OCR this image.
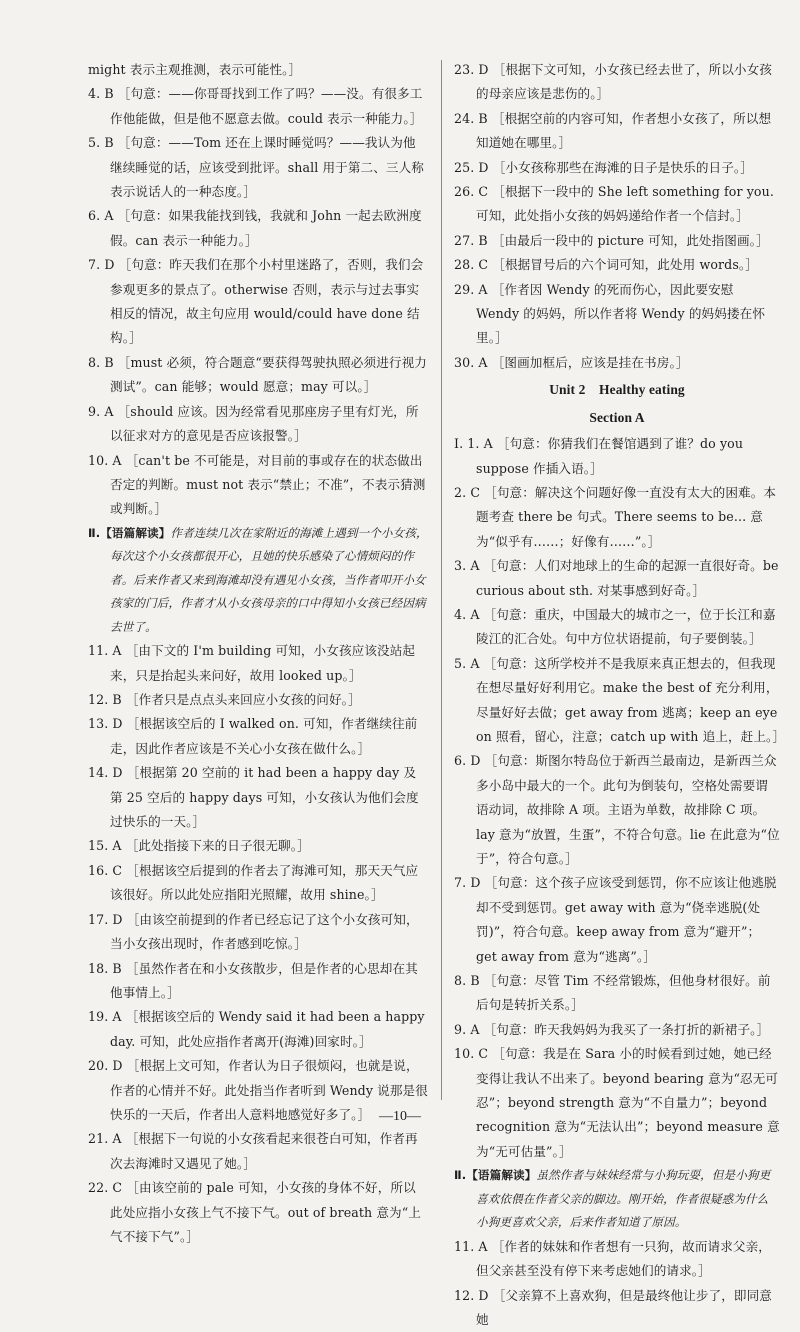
might 表示主观推测，表示可能性。］

4. B ［句意：——你哥哥找到工作了吗？——没。有很多工作他能做，但是他不愿意去做。could 表示一种能力。］

5. B ［句意：——Tom 还在上课时睡觉吗？——我认为他继续睡觉的话，应该受到批评。shall 用于第二、三人称表示说话人的一种态度。］

6. A ［句意：如果我能找到钱，我就和 John 一起去欧洲度假。can 表示一种能力。］

7. D ［句意：昨天我们在那个小村里迷路了，否则，我们会参观更多的景点了。otherwise 否则，表示与过去事实相反的情况，故主句应用 would/could have done 结构。］

8. B ［must 必须，符合题意“要获得驾驶执照必须进行视力测试”。can 能够；would 愿意；may 可以。］

9. A ［should 应该。因为经常看见那座房子里有灯光，所以征求对方的意见是否应该报警。］

10. A ［can't be 不可能是，对目前的事或存在的状态做出否定的判断。must not 表示“禁止；不准”，不表示猜测或判断。］

Ⅱ.【语篇解读】作者连续几次在家附近的海滩上遇到一个小女孩，每次这个小女孩都很开心，且她的快乐感染了心情烦闷的作者。后来作者又来到海滩却没有遇见小女孩，当作者叩开小女孩家的门后，作者才从小女孩母亲的口中得知小女孩已经因病去世了。

11. A ［由下文的 I'm building 可知，小女孩应该没站起来，只是抬起头来问好，故用 looked up。］

12. B ［作者只是点点头来回应小女孩的问好。］

13. D ［根据该空后的 I walked on. 可知，作者继续往前走，因此作者应该是不关心小女孩在做什么。］

14. D ［根据第 20 空前的 it had been a happy day 及第 25 空后的 happy days 可知，小女孩认为他们会度过快乐的一天。］

15. A ［此处指接下来的日子很无聊。］

16. C ［根据该空后提到的作者去了海滩可知，那天天气应该很好。所以此处应指阳光照耀，故用 shine。］

17. D ［由该空前提到的作者已经忘记了这个小女孩可知，当小女孩出现时，作者感到吃惊。］

18. B ［虽然作者在和小女孩散步，但是作者的心思却在其他事情上。］

19. A ［根据该空后的 Wendy said it had been a happy day. 可知，此处应指作者离开(海滩)回家时。］

20. D ［根据上文可知，作者认为日子很烦闷，也就是说，作者的心情并不好。此处指当作者听到 Wendy 说那是很快乐的一天后，作者出人意料地感觉好多了。］

21. A ［根据下一句说的小女孩看起来很苍白可知，作者再次去海滩时又遇见了她。］

22. C ［由该空前的 pale 可知，小女孩的身体不好，所以此处应指小女孩上气不接下气。out of breath 意为“上气不接下气”。］

23. D ［根据下文可知，小女孩已经去世了，所以小女孩的母亲应该是悲伤的。］

24. B ［根据空前的内容可知，作者想小女孩了，所以想知道她在哪里。］

25. D ［小女孩称那些在海滩的日子是快乐的日子。］

26. C ［根据下一段中的 She left something for you. 可知，此处指小女孩的妈妈递给作者一个信封。］

27. B ［由最后一段中的 picture 可知，此处指图画。］

28. C ［根据冒号后的六个词可知，此处用 words。］

29. A ［作者因 Wendy 的死而伤心，因此要安慰 Wendy 的妈妈，所以作者将 Wendy 的妈妈搂在怀里。］

30. A ［图画加框后，应该是挂在书房。］

Unit 2　Healthy eating
Section A

Ⅰ. 1. A ［句意：你猜我们在餐馆遇到了谁？do you suppose 作插入语。］

2. C ［句意：解决这个问题好像一直没有太大的困难。本题考查 there be 句式。There seems to be... 意为“似乎有……；好像有……”。］

3. A ［句意：人们对地球上的生命的起源一直很好奇。be curious about sth. 对某事感到好奇。］

4. A ［句意：重庆，中国最大的城市之一，位于长江和嘉陵江的汇合处。句中方位状语提前，句子要倒装。］

5. A ［句意：这所学校并不是我原来真正想去的，但我现在想尽量好好利用它。make the best of 充分利用，尽量好好去做；get away from 逃离；keep an eye on 照看，留心，注意；catch up with 追上，赶上。］

6. D ［句意：斯图尔特岛位于新西兰最南边，是新西兰众多小岛中最大的一个。此句为倒装句，空格处需要谓语动词，故排除 A 项。主语为单数，故排除 C 项。lay 意为“放置，生蛋”，不符合句意。lie 在此意为“位于”，符合句意。］

7. D ［句意：这个孩子应该受到惩罚，你不应该让他逃脱却不受到惩罚。get away with 意为“侥幸逃脱(处罚)”，符合句意。keep away from 意为“避开”；get away from 意为“逃离”。］

8. B ［句意：尽管 Tim 不经常锻炼，但他身材很好。前后句是转折关系。］

9. A ［句意：昨天我妈妈为我买了一条打折的新裙子。］

10. C ［句意：我是在 Sara 小的时候看到过她，她已经变得让我认不出来了。beyond bearing 意为“忍无可忍”；beyond strength 意为“不自量力”；beyond recognition 意为“无法认出”；beyond measure 意为“无可估量”。］

Ⅱ.【语篇解读】虽然作者与妹妹经常与小狗玩耍，但是小狗更喜欢依偎在作者父亲的脚边。刚开始，作者很疑惑为什么小狗更喜欢父亲，后来作者知道了原因。

11. A ［作者的妹妹和作者想有一只狗，故而请求父亲，但父亲甚至没有停下来考虑她们的请求。］

12. D ［父亲算不上喜欢狗，但是最终他让步了，即同意她

—10—
